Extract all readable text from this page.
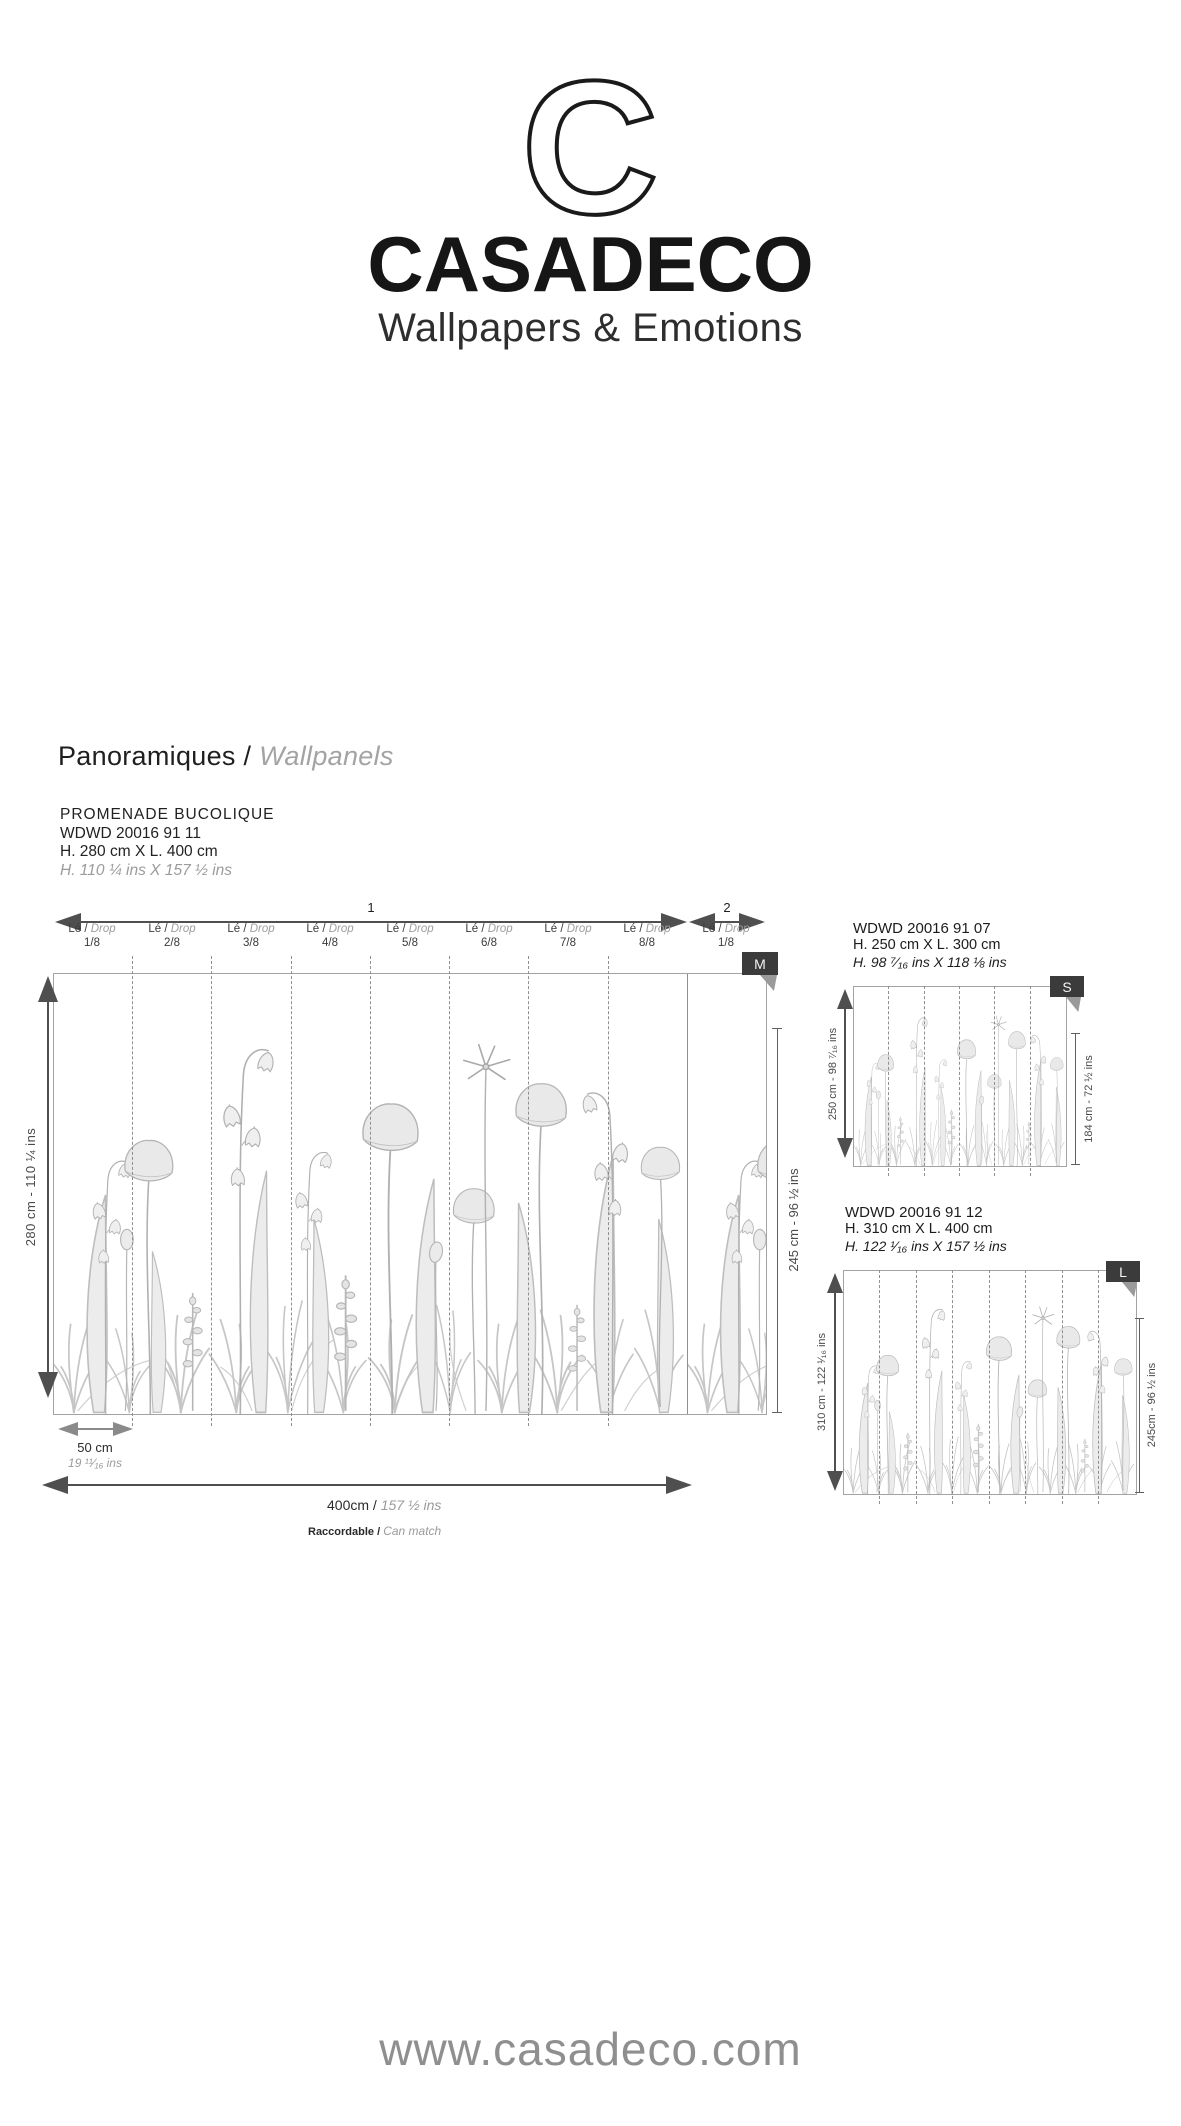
C
CASADECO
Wallpapers & Emotions
Panoramiques / Wallpanels
PROMENADE BUCOLIQUE
WDWD 20016 91 11
H. 280 cm X L. 400 cm
H. 110 ¼ ins X 157 ½ ins
1	2
Lé / Drop
1/8
Lé / Drop
2/8
Lé / Drop
3/8
Lé / Drop
4/8
Lé / Drop
5/8
Lé / Drop
6/8
Lé / Drop
7/8
Lé / Drop
8/8
Lé / Drop
1/8
M
280 cm - 110 ¼ ins	245 cm - 96 ½ ins
50 cm
19 ¹¹⁄₁₆ ins
400cm / 157 ½ ins
Raccordable / Can match
WDWD 20016 91 07
H. 250 cm X L. 300 cm
H. 98 ⁷⁄₁₆ ins X 118 ⅛ ins
S
250 cm - 98 ⁷⁄₁₆ ins	184 cm - 72 ½ ins
WDWD 20016 91 12
H. 310 cm X L. 400 cm
H. 122 ¹⁄₁₆ ins X 157 ½ ins
L
310 cm - 122 ¹⁄₁₆ ins	245cm - 96 ½ ins
www.casadeco.com
